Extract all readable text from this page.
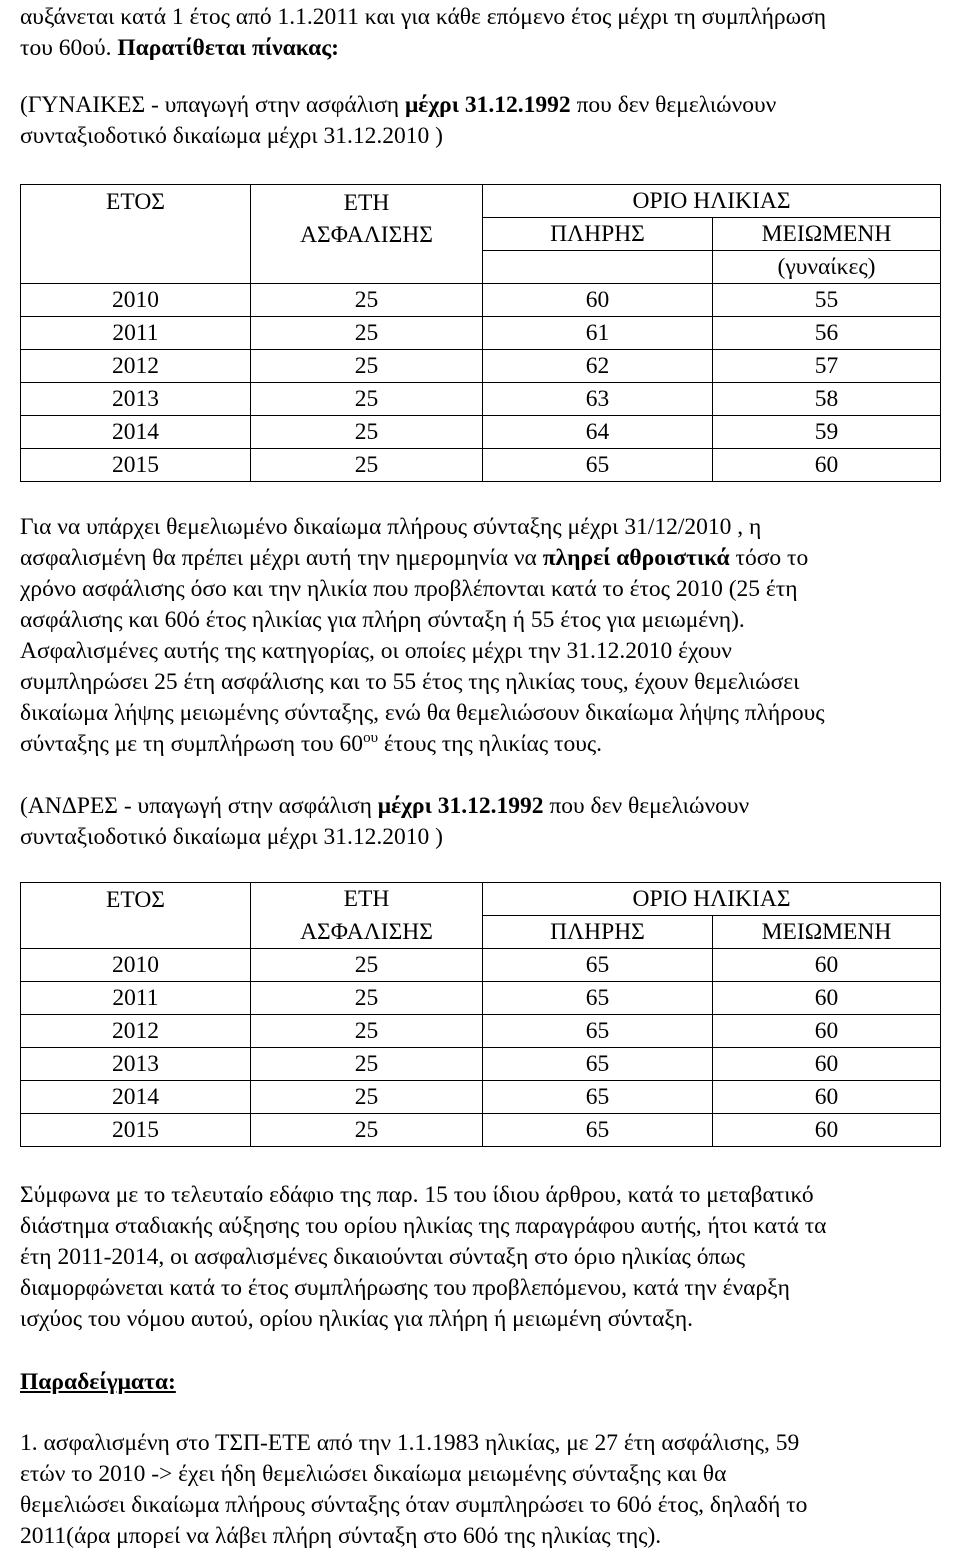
αυξάνεται κατά 1 έτος από 1.1.2011 και για κάθε επόμενο έτος μέχρι τη συμπλήρωση

του 60ού. Παρατίθεται πίνακας:

(ΓΥΝΑΙΚΕΣ - υπαγωγή στην ασφάλιση μέχρι 31.12.1992 που δεν θεμελιώνουν

συνταξιοδοτικό δικαίωμα μέχρι 31.12.2010 )

ΕΤΟΣ	ΕΤΗ ΑΣΦΑΛΙΣΗΣ	ΟΡΙΟ ΗΛΙΚΙΑΣ	
		ΠΛΗΡΗΣ	ΜΕΙΩΜΕΝΗ
			(γυναίκες)
2010	25	60	55
2011	25	61	56
2012	25	62	57
2013	25	63	58
2014	25	64	59
2015	25	65	60

Για να υπάρχει θεμελιωμένο δικαίωμα πλήρους σύνταξης μέχρι 31/12/2010 , η

ασφαλισμένη θα πρέπει μέχρι αυτή την ημερομηνία να πληρεί αθροιστικά τόσο το

χρόνο ασφάλισης όσο και την ηλικία που προβλέπονται κατά το έτος 2010 (25 έτη

ασφάλισης και 60ό έτος ηλικίας για πλήρη σύνταξη ή 55 έτος για μειωμένη).

Ασφαλισμένες αυτής της κατηγορίας, οι οποίες μέχρι την 31.12.2010 έχουν

συμπληρώσει 25 έτη ασφάλισης και το 55 έτος της ηλικίας τους, έχουν θεμελιώσει

δικαίωμα λήψης μειωμένης σύνταξης, ενώ θα θεμελιώσουν δικαίωμα λήψης πλήρους

σύνταξης με τη συμπλήρωση του $60^{o\upsilon}$ έτους της ηλικίας τους.

(ΑΝΔΡΕΣ - υπαγωγή στην ασφάλιση μέχρι 31.12.1992 που δεν θεμελιώνουν

συνταξιοδοτικό δικαίωμα μέχρι 31.12.2010 )

ΕΤΟΣ	ΕΤΗ	ΟΡΙΟ ΗΛΙΚΙΑΣ	
	ΑΣΦΑΛΙΣΗΣ	ΠΛΗΡΗΣ	ΜΕΙΩΜΕΝΗ
2010	25	65	60
2011	25	65	60
2012	25	65	60
2013	25	65	60
2014	25	65	60
2015	25	65	60

Σύμφωνα με το τελευταίο εδάφιο της παρ. 15 του ίδιου άρθρου, κατά το μεταβατικό

διάστημα σταδιακής αύξησης του ορίου ηλικίας της παραγράφου αυτής, ήτοι κατά τα

έτη 2011-2014, οι ασφαλισμένες δικαιούνται σύνταξη στο όριο ηλικίας όπως

διαμορφώνεται κατά το έτος συμπλήρωσης του προβλεπόμενου, κατά την έναρξη

ισχύος του νόμου αυτού, ορίου ηλικίας για πλήρη ή μειωμένη σύνταξη.

Παραδείγματα:

1. ασφαλισμένη στο ΤΣΠ-ΕΤΕ από την 1.1.1983 ηλικίας, με 27 έτη ασφάλισης, 59

ετών το 2010 -> έχει ήδη θεμελιώσει δικαίωμα μειωμένης σύνταξης και θα

θεμελιώσει δικαίωμα πλήρους σύνταξης όταν συμπληρώσει το 60ό έτος, δηλαδή το

2011(άρα μπορεί να λάβει πλήρη σύνταξη στο 60ό της ηλικίας της).
